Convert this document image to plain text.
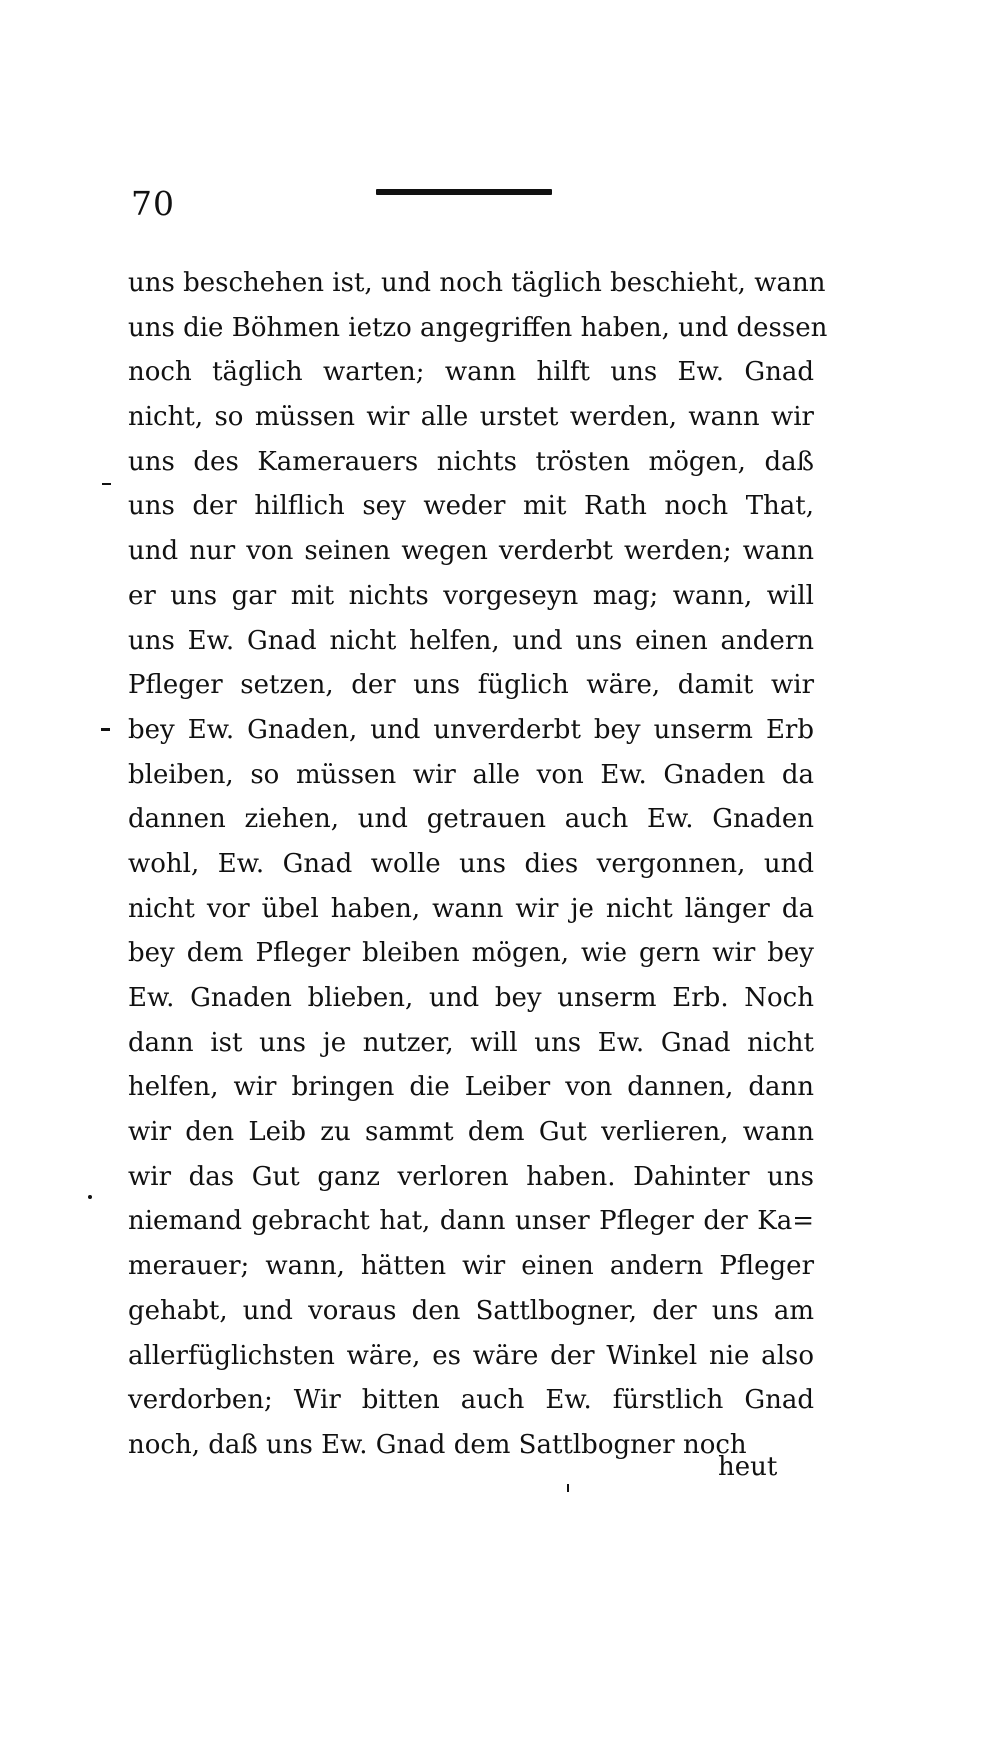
70
uns beschehen ist, und noch täglich beschieht, wann
uns die Böhmen ietzo angegriffen haben, und dessen
noch täglich warten; wann hilft uns Ew. Gnad
nicht, so müssen wir alle urstet werden, wann wir
uns des Kamerauers nichts trösten mögen, daß
uns der hilflich sey weder mit Rath noch That,
und nur von seinen wegen verderbt werden; wann
er uns gar mit nichts vorgeseyn mag; wann, will
uns Ew. Gnad nicht helfen, und uns einen andern
Pfleger setzen, der uns füglich wäre, damit wir
bey Ew. Gnaden, und unverderbt bey unserm Erb
bleiben, so müssen wir alle von Ew. Gnaden da
dannen ziehen, und getrauen auch Ew. Gnaden
wohl, Ew. Gnad wolle uns dies vergonnen, und
nicht vor übel haben, wann wir je nicht länger da
bey dem Pfleger bleiben mögen, wie gern wir bey
Ew. Gnaden blieben, und bey unserm Erb. Noch
dann ist uns je nutzer, will uns Ew. Gnad nicht
helfen, wir bringen die Leiber von dannen, dann
wir den Leib zu sammt dem Gut verlieren, wann
wir das Gut ganz verloren haben. Dahinter uns
niemand gebracht hat, dann unser Pfleger der Ka=
merauer; wann, hätten wir einen andern Pfleger
gehabt, und voraus den Sattlbogner, der uns am
allerfüglichsten wäre, es wäre der Winkel nie also
verdorben; Wir bitten auch Ew. fürstlich Gnad
noch, daß uns Ew. Gnad dem Sattlbogner noch
heut
